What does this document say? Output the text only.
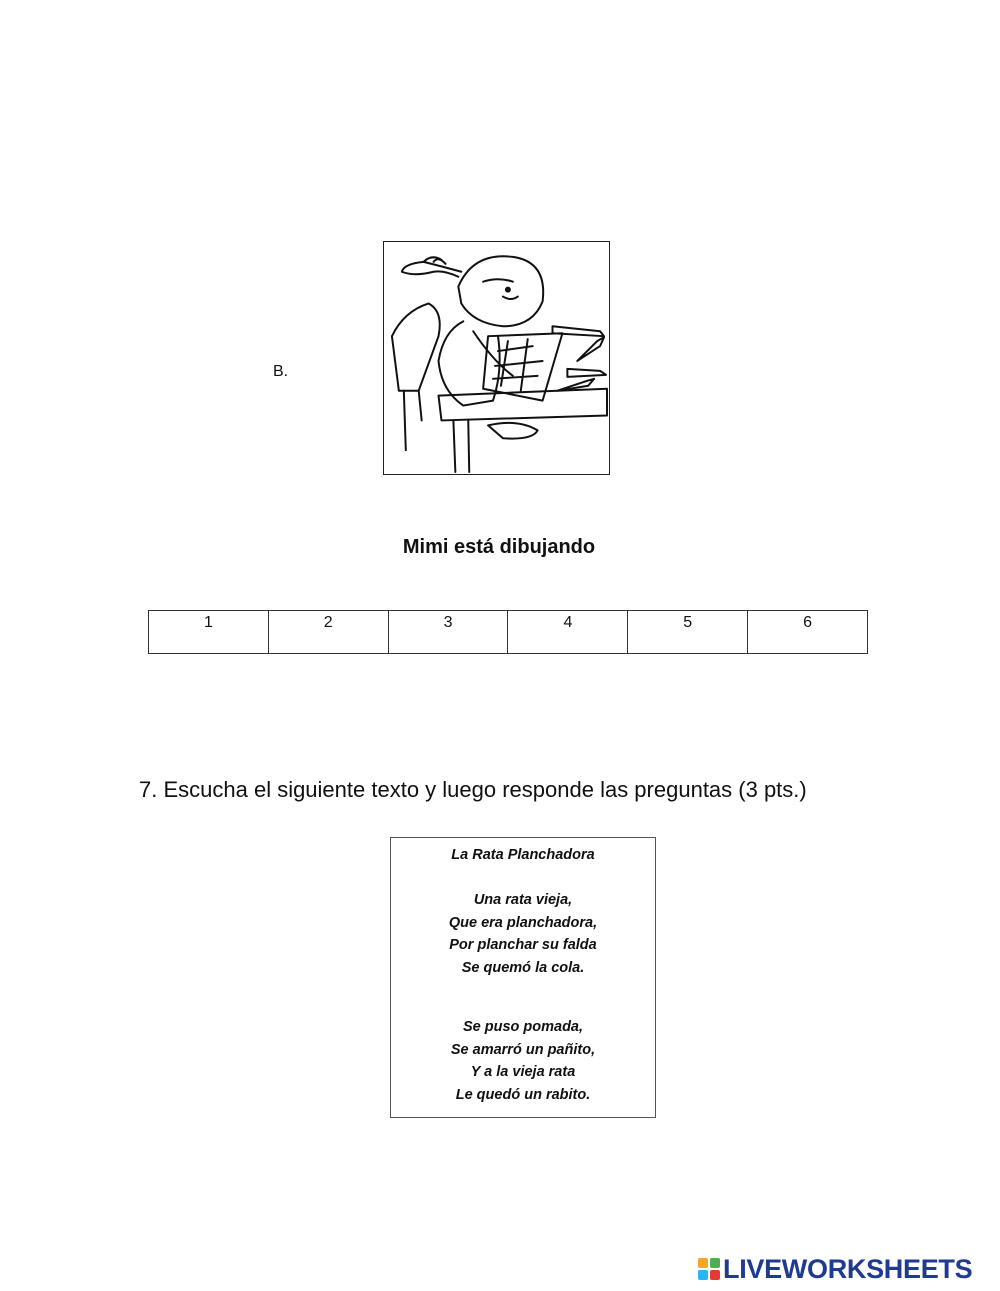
B.
Mimi está dibujando
1	2	3	4	5	6
7. Escucha el siguiente texto y luego responde las preguntas (3 pts.)
La Rata Planchadora
Una rata vieja,
Que era planchadora,
Por planchar su falda
Se quemó la cola.
Se puso pomada,
Se amarró un pañito,
Y a la vieja rata
Le quedó un rabito.
LIVEWORKSHEETS
